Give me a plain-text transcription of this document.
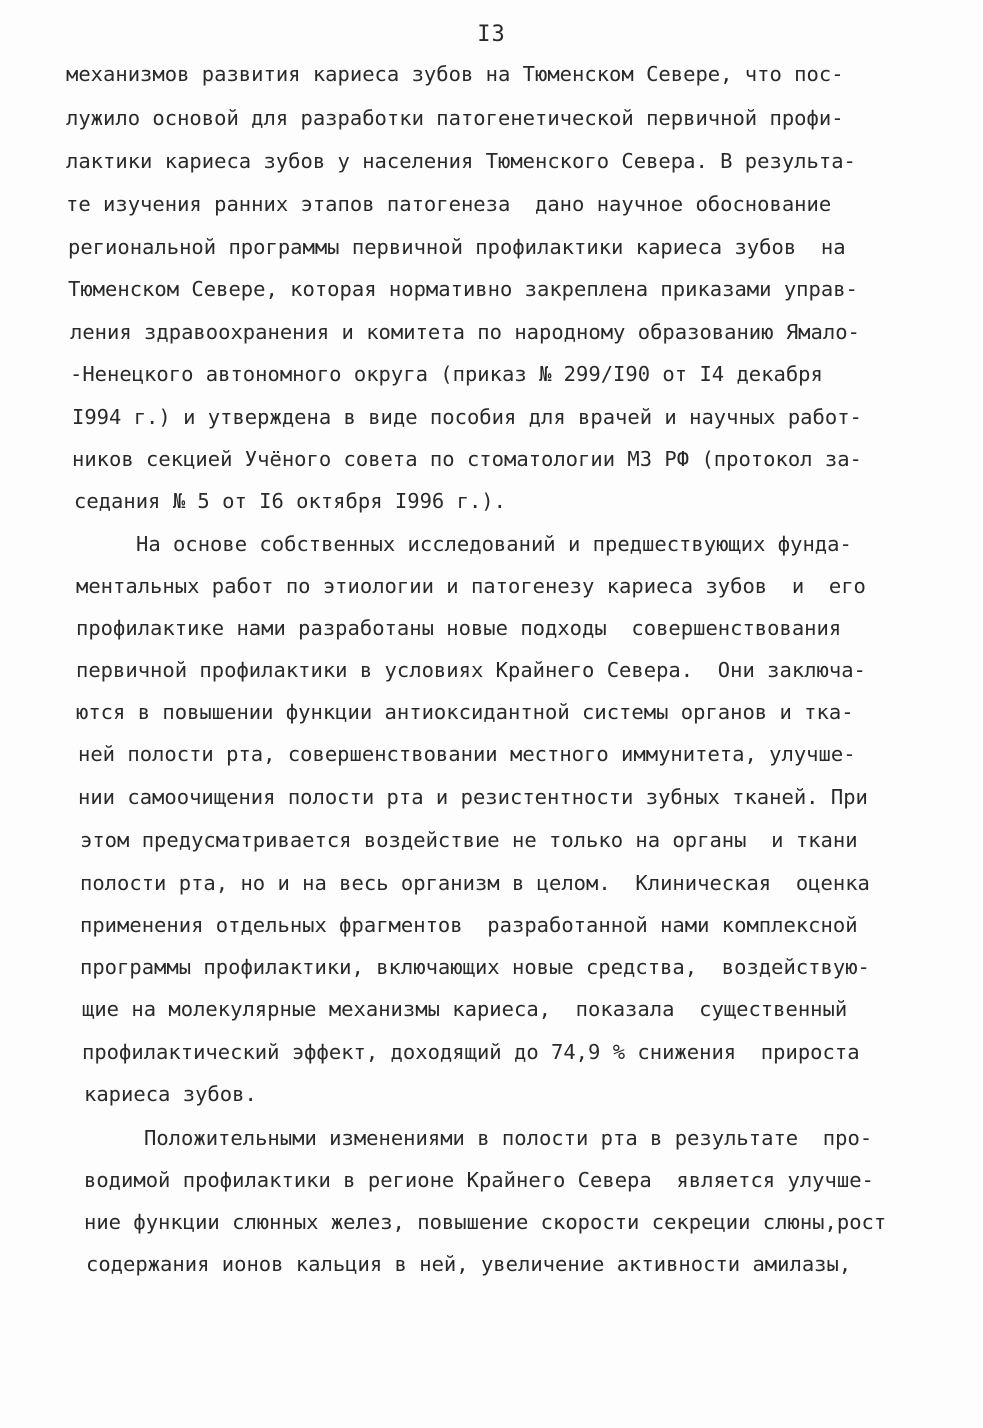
I3
механизмов развития кариеса зубов на Тюменском Севере, что пос-
лужило основой для разработки патогенетической первичной профи-
лактики кариеса зубов у населения Тюменского Севера. В результа-
те изучения ранних этапов патогенеза  дано научное обоснование
региональной программы первичной профилактики кариеса зубов  на
Тюменском Севере, которая нормативно закреплена приказами управ-
ления здравоохранения и комитета по народному образованию Ямало-
-Ненецкого автономного округа (приказ № 299/I90 от I4 декабря
I994 г.) и утверждена в виде пособия для врачей и научных работ-
ников секцией Учёного совета по стоматологии МЗ РФ (протокол за-
седания № 5 от I6 октября I996 г.).
На основе собственных исследований и предшествующих фунда-
ментальных работ по этиологии и патогенезу кариеса зубов  и  его
профилактике нами разработаны новые подходы  совершенствования
первичной профилактики в условиях Крайнего Севера.  Они заключа-
ются в повышении функции антиоксидантной системы органов и тка-
ней полости рта, совершенствовании местного иммунитета, улучше-
нии самоочищения полости рта и резистентности зубных тканей. При
этом предусматривается воздействие не только на органы  и ткани
полости рта, но и на весь организм в целом.  Клиническая  оценка
применения отдельных фрагментов  разработанной нами комплексной
программы профилактики, включающих новые средства,  воздействую-
щие на молекулярные механизмы кариеса,  показала  существенный
профилактический эффект, доходящий до 74,9 % снижения  прироста
кариеса зубов.
Положительными изменениями в полости рта в результате  про-
водимой профилактики в регионе Крайнего Севера  является улучше-
ние функции слюнных желез, повышение скорости секреции слюны,рост
содержания ионов кальция в ней, увеличение активности амилазы,
